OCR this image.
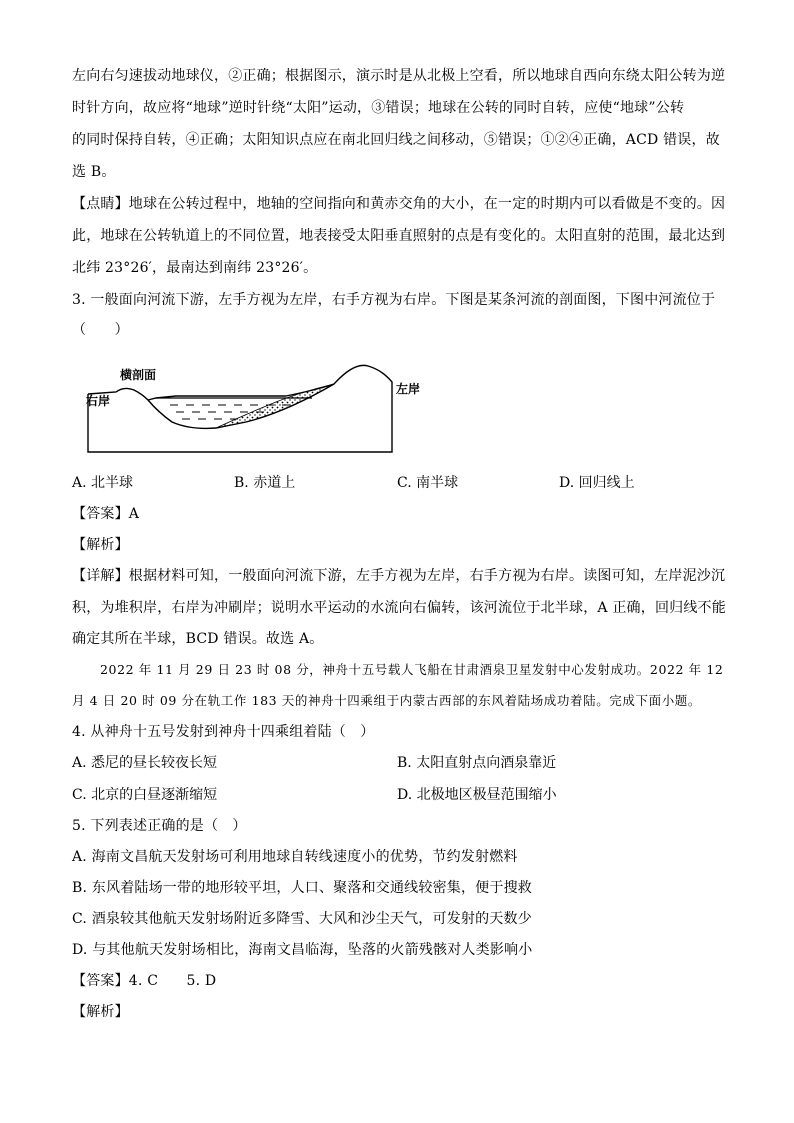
左向右匀速拔动地球仪，②正确；根据图示，演示时是从北极上空看，所以地球自西向东绕太阳公转为逆
时针方向，故应将“地球”逆时针绕“太阳”运动，③错误；地球在公转的同时自转，应使“地球”公转
的同时保持自转，④正确；太阳知识点应在南北回归线之间移动，⑤错误；①②④正确，ACD 错误，故
选 B。
【点睛】地球在公转过程中，地轴的空间指向和黄赤交角的大小，在一定的时期内可以看做是不变的。因
此，地球在公转轨道上的不同位置，地表接受太阳垂直照射的点是有变化的。太阳直射的范围，最北达到
北纬 23°26′，最南达到南纬 23°26′。
3. 一般面向河流下游，左手方视为左岸，右手方视为右岸。下图是某条河流的剖面图，下图中河流位于
（　　）
横剖面
右岸
左岸
A. 北半球	B. 赤道上	C. 南半球	D. 回归线上
【答案】A
【解析】
【详解】根据材料可知，一般面向河流下游，左手方视为左岸，右手方视为右岸。读图可知，左岸泥沙沉
积，为堆积岸，右岸为冲刷岸；说明水平运动的水流向右偏转，该河流位于北半球，A 正确，回归线不能
确定其所在半球，BCD 错误。故选 A。
2022 年 11 月 29 日 23 时 08 分，神舟十五号载人飞船在甘肃酒泉卫星发射中心发射成功。2022 年 12
月 4 日 20 时 09 分在轨工作 183 天的神舟十四乘组于内蒙古西部的东风着陆场成功着陆。完成下面小题。
4. 从神舟十五号发射到神舟十四乘组着陆（　）
A. 悉尼的昼长较夜长短	B. 太阳直射点向酒泉靠近
C. 北京的白昼逐渐缩短	D. 北极地区极昼范围缩小
5. 下列表述正确的是（　）
A. 海南文昌航天发射场可利用地球自转线速度小的优势，节约发射燃料
B. 东风着陆场一带的地形较平坦，人口、聚落和交通线较密集，便于搜救
C. 酒泉较其他航天发射场附近多降雪、大风和沙尘天气，可发射的天数少
D. 与其他航天发射场相比，海南文昌临海，坠落的火箭残骸对人类影响小
【答案】4. C　　5. D
【解析】
